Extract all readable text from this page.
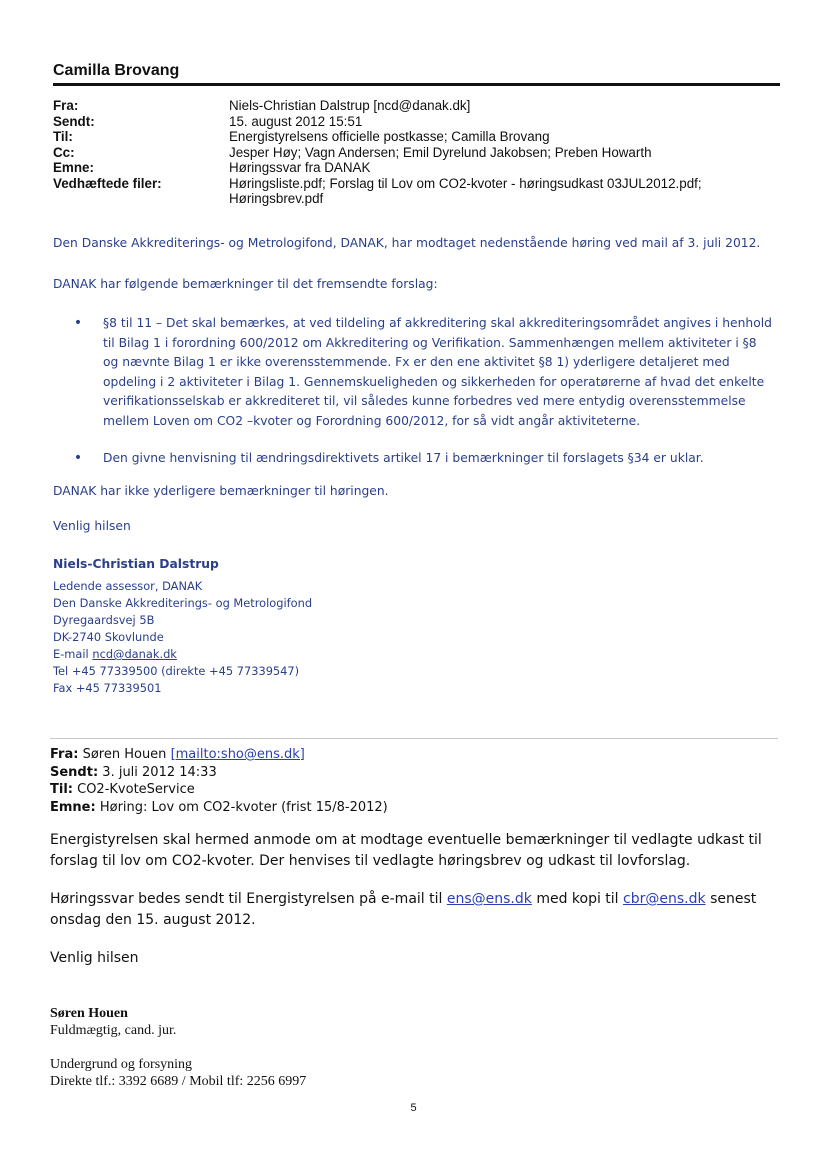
Camilla Brovang
Fra:	Niels-Christian Dalstrup [ncd@danak.dk]
Sendt:	15. august 2012 15:51
Til:	Energistyrelsens officielle postkasse; Camilla Brovang
Cc:	Jesper Høy; Vagn Andersen; Emil Dyrelund Jakobsen; Preben Howarth
Emne:	Høringssvar fra DANAK
Vedhæftede filer:	Høringsliste.pdf; Forslag til Lov om CO2-kvoter - høringsudkast 03JUL2012.pdf; Høringsbrev.pdf
Den Danske Akkrediterings- og Metrologifond, DANAK, har modtaget nedenstående høring ved mail af 3. juli 2012.
DANAK har følgende bemærkninger til det fremsendte forslag:
•	§8 til 11 – Det skal bemærkes, at ved tildeling af akkreditering skal akkrediteringsområdet angives i henhold til Bilag 1 i forordning 600/2012 om Akkreditering og Verifikation. Sammenhængen mellem aktiviteter i §8 og nævnte Bilag 1 er ikke overensstemmende. Fx er den ene aktivitet §8 1) yderligere detaljeret med opdeling i 2 aktiviteter i Bilag 1. Gennemskueligheden og sikkerheden for operatørerne af hvad det enkelte verifikationsselskab er akkrediteret til, vil således kunne forbedres ved mere entydig overensstemmelse mellem Loven om CO2 –kvoter og Forordning 600/2012, for så vidt angår aktiviteterne.
•	Den givne henvisning til ændringsdirektivets artikel 17 i bemærkninger til forslagets §34 er uklar.
DANAK har ikke yderligere bemærkninger til høringen.
Venlig hilsen
Niels-Christian Dalstrup
Ledende assessor, DANAK
Den Danske Akkrediterings- og Metrologifond
Dyregaardsvej 5B
DK-2740 Skovlunde
E-mail ncd@danak.dk
Tel +45 77339500 (direkte +45 77339547)
Fax +45 77339501
Fra: Søren Houen [mailto:sho@ens.dk]
Sendt: 3. juli 2012 14:33
Til: CO2-KvoteService
Emne: Høring: Lov om CO2-kvoter (frist 15/8-2012)
Energistyrelsen skal hermed anmode om at modtage eventuelle bemærkninger til vedlagte udkast til forslag til lov om CO2-kvoter. Der henvises til vedlagte høringsbrev og udkast til lovforslag.
Høringssvar bedes sendt til Energistyrelsen på e-mail til ens@ens.dk med kopi til cbr@ens.dk senest onsdag den 15. august 2012.
Venlig hilsen
Søren Houen
Fuldmægtig, cand. jur.
Undergrund og forsyning
Direkte tlf.: 3392 6689 / Mobil tlf: 2256 6997
5
